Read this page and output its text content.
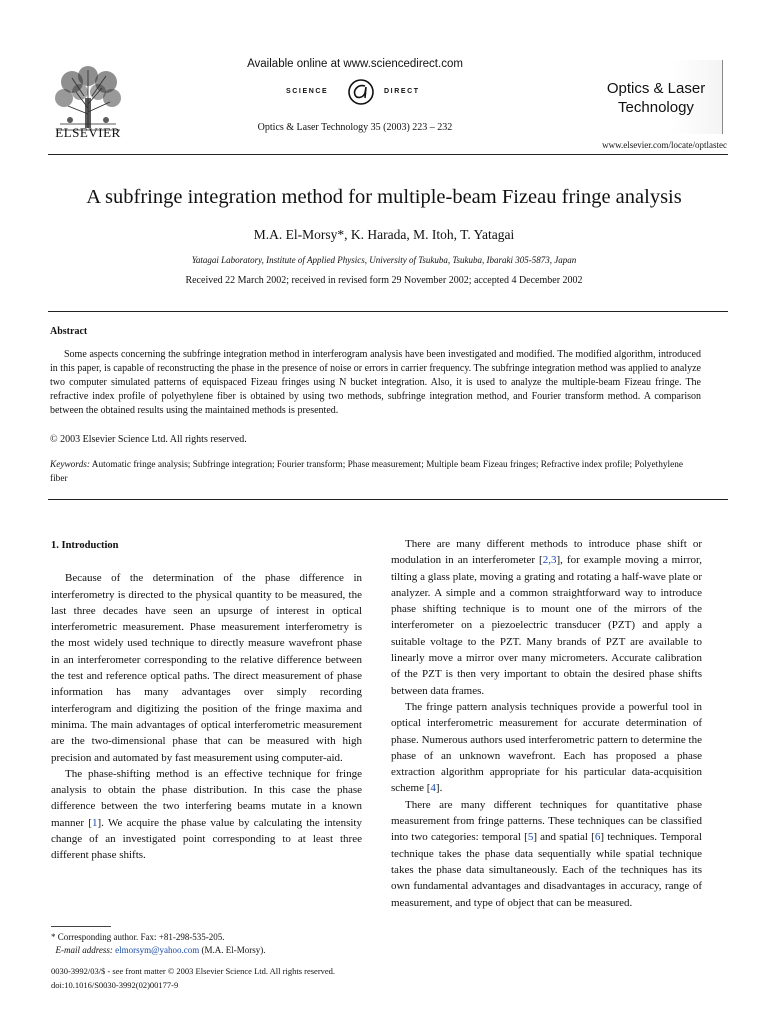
ELSEVIER
Available online at www.sciencedirect.com
SCIENCE	DIRECT
Optics & Laser Technology 35 (2003) 223 – 232
Optics & Laser
Technology
www.elsevier.com/locate/optlastec
A subfringe integration method for multiple-beam Fizeau fringe analysis
M.A. El-Morsy*, K. Harada, M. Itoh, T. Yatagai
Yatagai Laboratory, Institute of Applied Physics, University of Tsukuba, Tsukuba, Ibaraki 305-5873, Japan
Received 22 March 2002; received in revised form 29 November 2002; accepted 4 December 2002
Abstract
Some aspects concerning the subfringe integration method in interferogram analysis have been investigated and modified. The modified algorithm, introduced in this paper, is capable of reconstructing the phase in the presence of noise or errors in carrier frequency. The subfringe integration method was applied to analyze two computer simulated patterns of equispaced Fizeau fringes using N bucket integration. Also, it is used to analyze the multiple-beam Fizeau fringe. The refractive index profile of polyethylene fiber is obtained by using two methods, subfringe integration method, and Fourier transform method. A comparison between the obtained results using the maintained methods is presented.
© 2003 Elsevier Science Ltd. All rights reserved.
Keywords: Automatic fringe analysis; Subfringe integration; Fourier transform; Phase measurement; Multiple beam Fizeau fringes; Refractive index profile; Polyethylene fiber
1. Introduction

Because of the determination of the phase difference in interferometry is directed to the physical quantity to be measured, the last three decades have seen an upsurge of interest in optical interferometric measurement. Phase measurement interferometry is the most widely used technique to directly measure wavefront phase in an interferometer corresponding to the relative difference between the test and reference optical paths. The direct measurement of phase information has many advantages over simply recording interferogram and digitizing the position of the fringe maxima and minima. The main advantages of optical interferometric measurement are the two-dimensional phase that can be measured with high precision and automated by fast measurement using computer-aid.

The phase-shifting method is an effective technique for fringe analysis to obtain the phase distribution. In this case the phase difference between the two interfering beams mutate in a known manner [1]. We acquire the phase value by calculating the intensity change of an investigated point corresponding to at least three different phase shifts.

There are many different methods to introduce phase shift or modulation in an interferometer [2,3], for example moving a mirror, tilting a glass plate, moving a grating and rotating a half-wave plate or analyzer. A simple and a common straightforward way to introduce phase shifting technique is to mount one of the mirrors of the interferometer on a piezoelectric transducer (PZT) and apply a suitable voltage to the PZT. Many brands of PZT are available to linearly move a mirror over many micrometers. Accurate calibration of the PZT is then very important to obtain the desired phase shifts between data frames.

The fringe pattern analysis techniques provide a powerful tool in optical interferometric measurement for accurate determination of phase. Numerous authors used interferometric pattern to determine the phase of an unknown wavefront. Each has proposed a phase extraction algorithm appropriate for his particular data-acquisition scheme [4].

There are many different techniques for quantitative phase measurement from fringe patterns. These techniques can be classified into two categories: temporal [5] and spatial [6] techniques. Temporal technique takes the phase data sequentially while spatial technique takes the phase data simultaneously. Each of the techniques has its own fundamental advantages and disadvantages in accuracy, range of measurement, and type of object that can be measured.

* Corresponding author. Fax: +81-298-535-205.
E-mail address: elmorsym@yahoo.com (M.A. El-Morsy).
0030-3992/03/$ - see front matter © 2003 Elsevier Science Ltd. All rights reserved.
doi:10.1016/S0030-3992(02)00177-9
